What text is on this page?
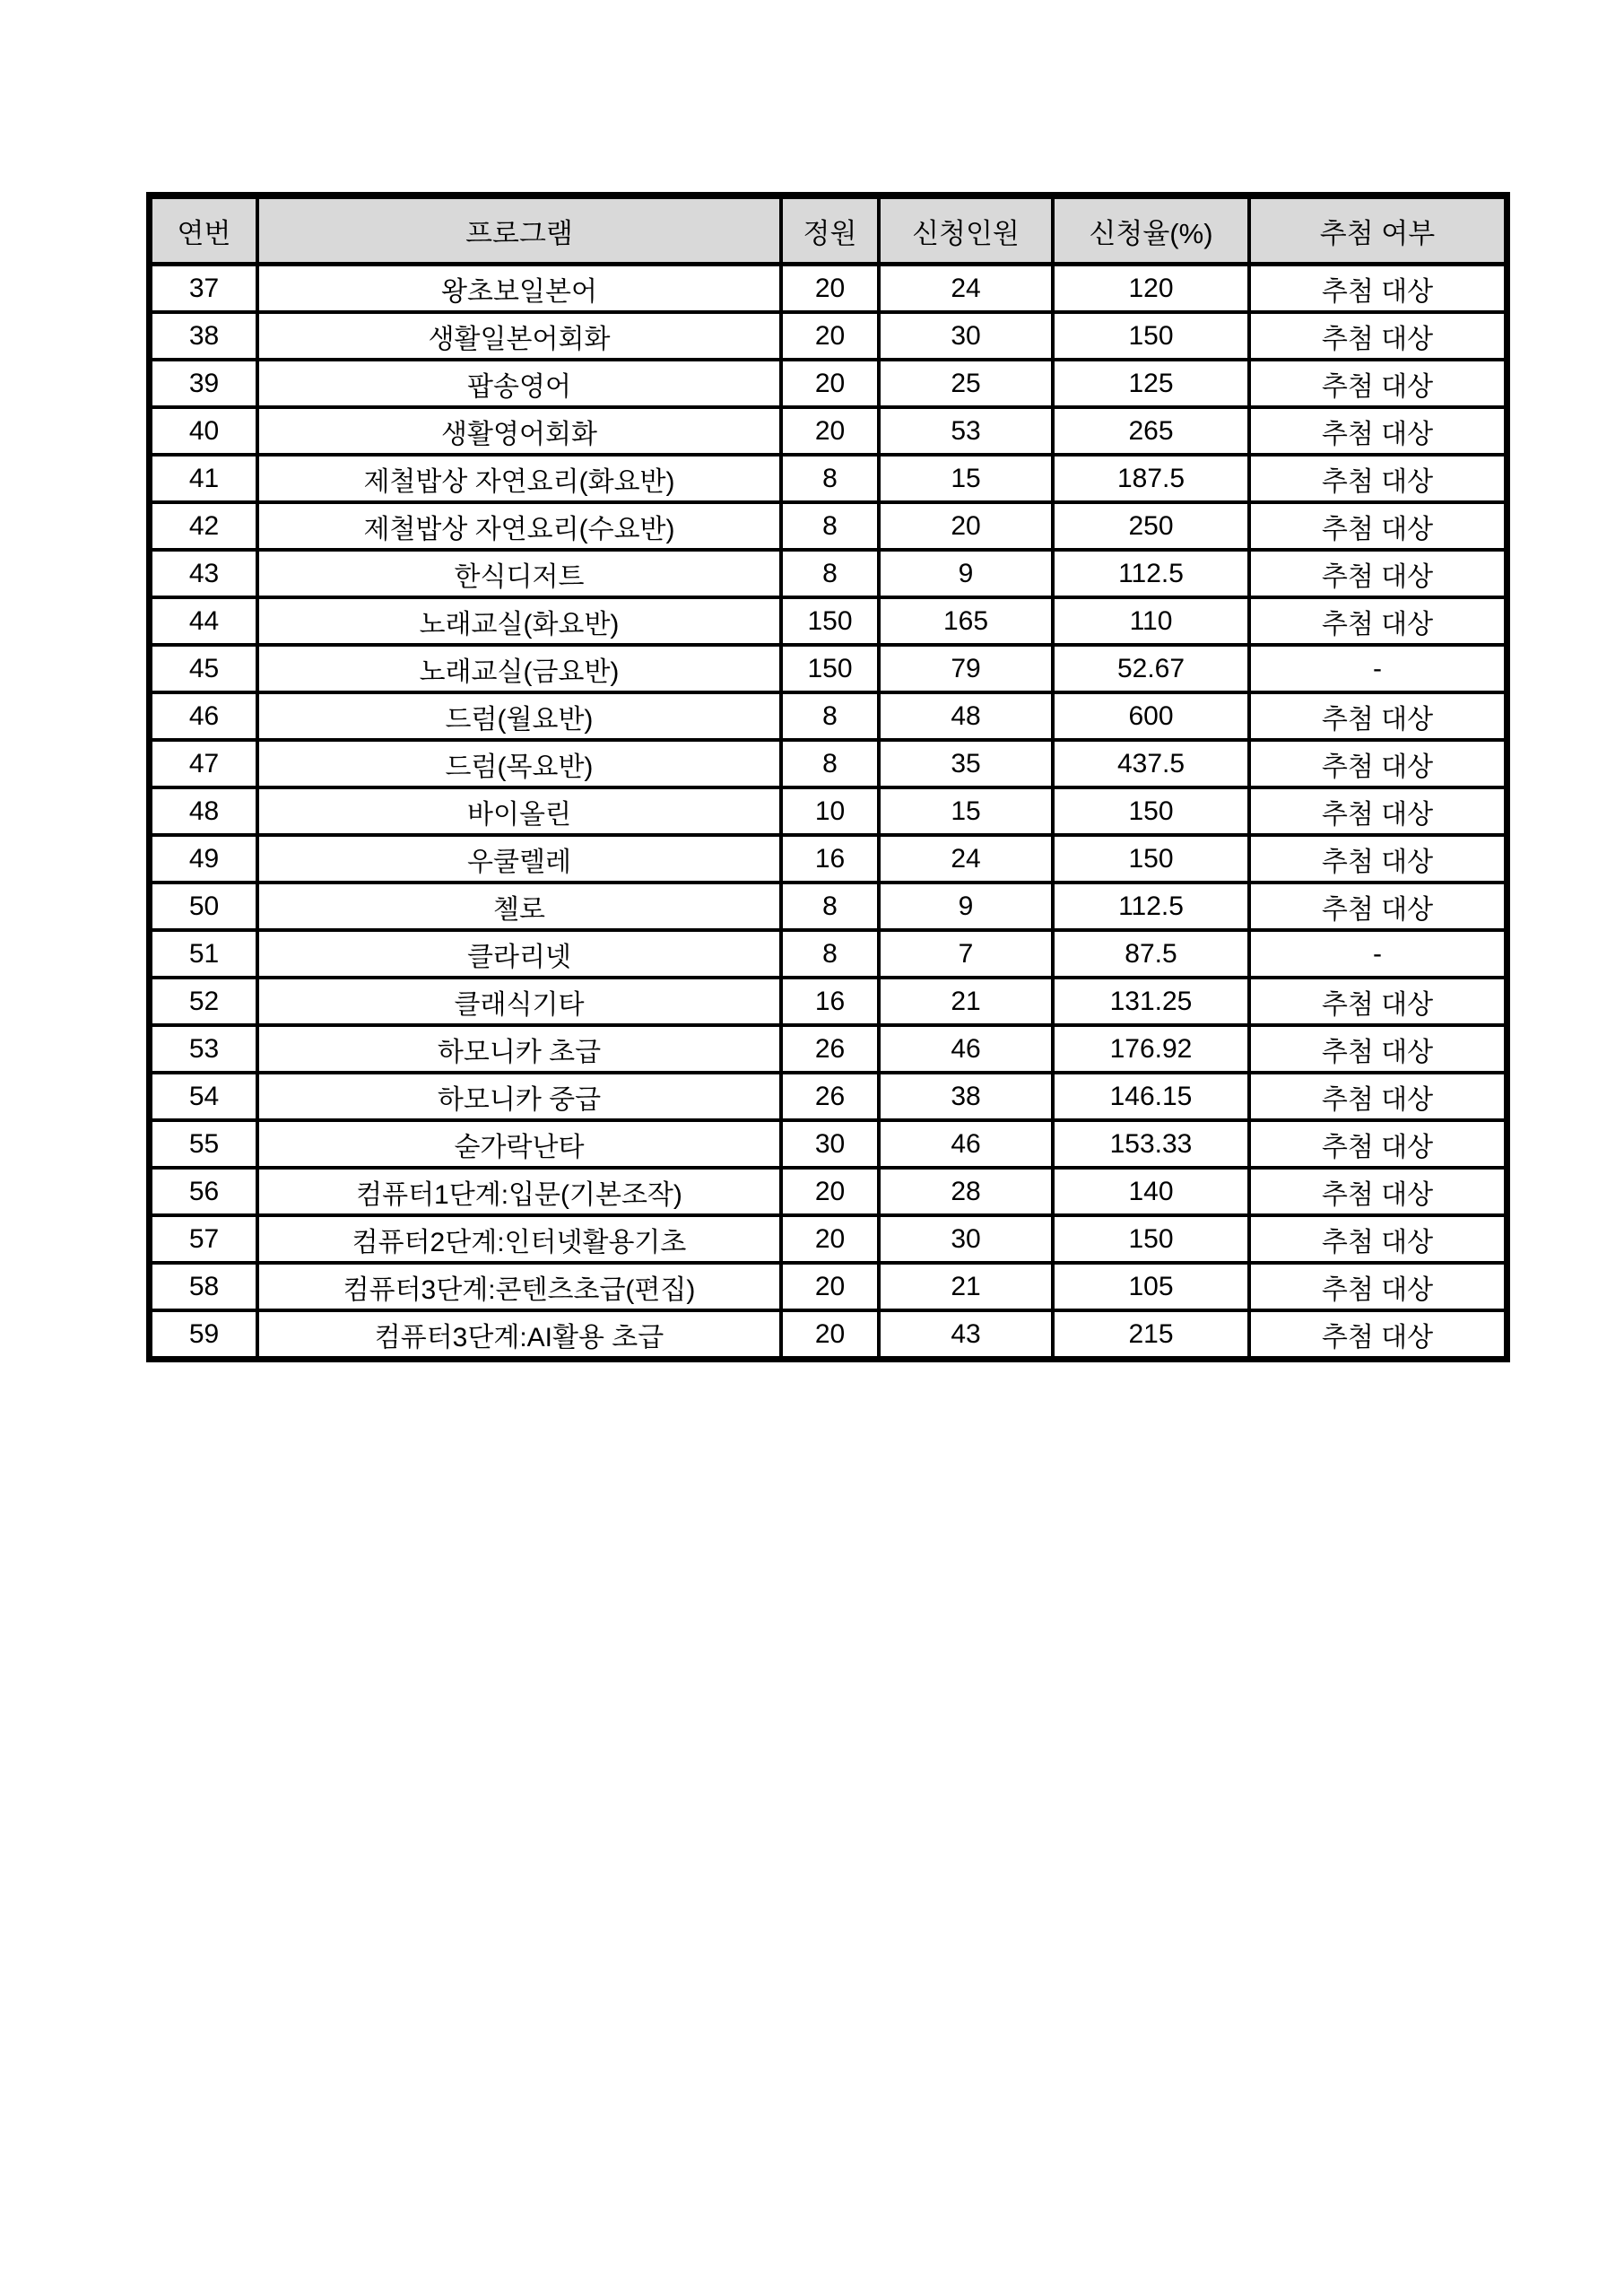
연번	프로그램	정원	신청인원	신청율(%)	추첨 여부
37	왕초보일본어	20	24	120	추첨 대상
38	생활일본어회화	20	30	150	추첨 대상
39	팝송영어	20	25	125	추첨 대상
40	생활영어회화	20	53	265	추첨 대상
41	제철밥상 자연요리(화요반)	8	15	187.5	추첨 대상
42	제철밥상 자연요리(수요반)	8	20	250	추첨 대상
43	한식디저트	8	9	112.5	추첨 대상
44	노래교실(화요반)	150	165	110	추첨 대상
45	노래교실(금요반)	150	79	52.67	-
46	드럼(월요반)	8	48	600	추첨 대상
47	드럼(목요반)	8	35	437.5	추첨 대상
48	바이올린	10	15	150	추첨 대상
49	우쿨렐레	16	24	150	추첨 대상
50	첼로	8	9	112.5	추첨 대상
51	클라리넷	8	7	87.5	-
52	클래식기타	16	21	131.25	추첨 대상
53	하모니카 초급	26	46	176.92	추첨 대상
54	하모니카 중급	26	38	146.15	추첨 대상
55	숟가락난타	30	46	153.33	추첨 대상
56	컴퓨터1단계:입문(기본조작)	20	28	140	추첨 대상
57	컴퓨터2단계:인터넷활용기초	20	30	150	추첨 대상
58	컴퓨터3단계:콘텐츠초급(편집)	20	21	105	추첨 대상
59	컴퓨터3단계:AI활용 초급	20	43	215	추첨 대상
